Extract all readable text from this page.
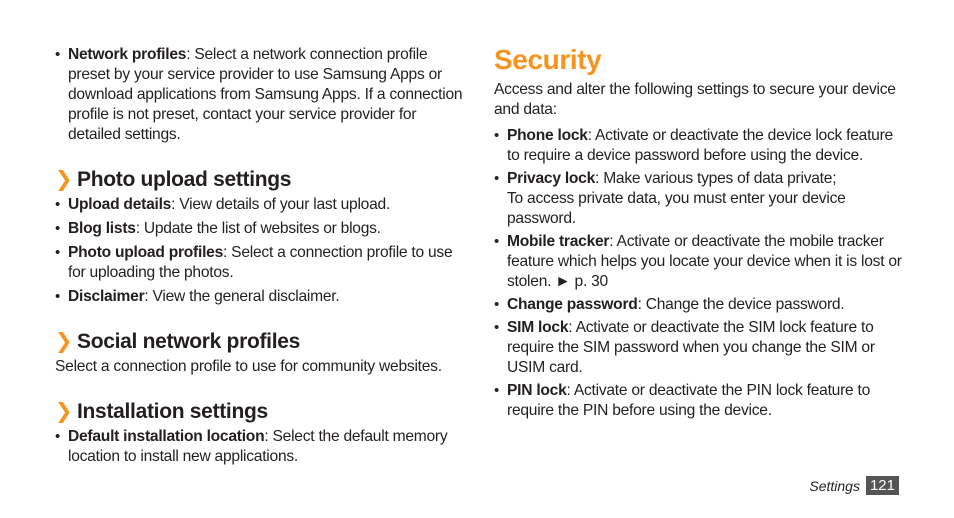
• Network profiles: Select a network connection profile preset by your service provider to use Samsung Apps or download applications from Samsung Apps. If a connection profile is not preset, contact your service provider for detailed settings.
❯ Photo upload settings
• Upload details: View details of your last upload.
• Blog lists: Update the list of websites or blogs.
• Photo upload profiles: Select a connection profile to use for uploading the photos.
• Disclaimer: View the general disclaimer.
❯ Social network profiles

Select a connection profile to use for community websites.

❯ Installation settings
• Default installation location: Select the default memory location to install new applications.
Security

Access and alter the following settings to secure your device and data:

• Phone lock: Activate or deactivate the device lock feature to require a device password before using the device.
• Privacy lock: Make various types of data private;
To access private data, you must enter your device password.
• Mobile tracker: Activate or deactivate the mobile tracker feature which helps you locate your device when it is lost or stolen. ► p. 30
• Change password: Change the device password.
• SIM lock: Activate or deactivate the SIM lock feature to require the SIM password when you change the SIM or USIM card.
• PIN lock: Activate or deactivate the PIN lock feature to require the PIN before using the device.
Settings 121
